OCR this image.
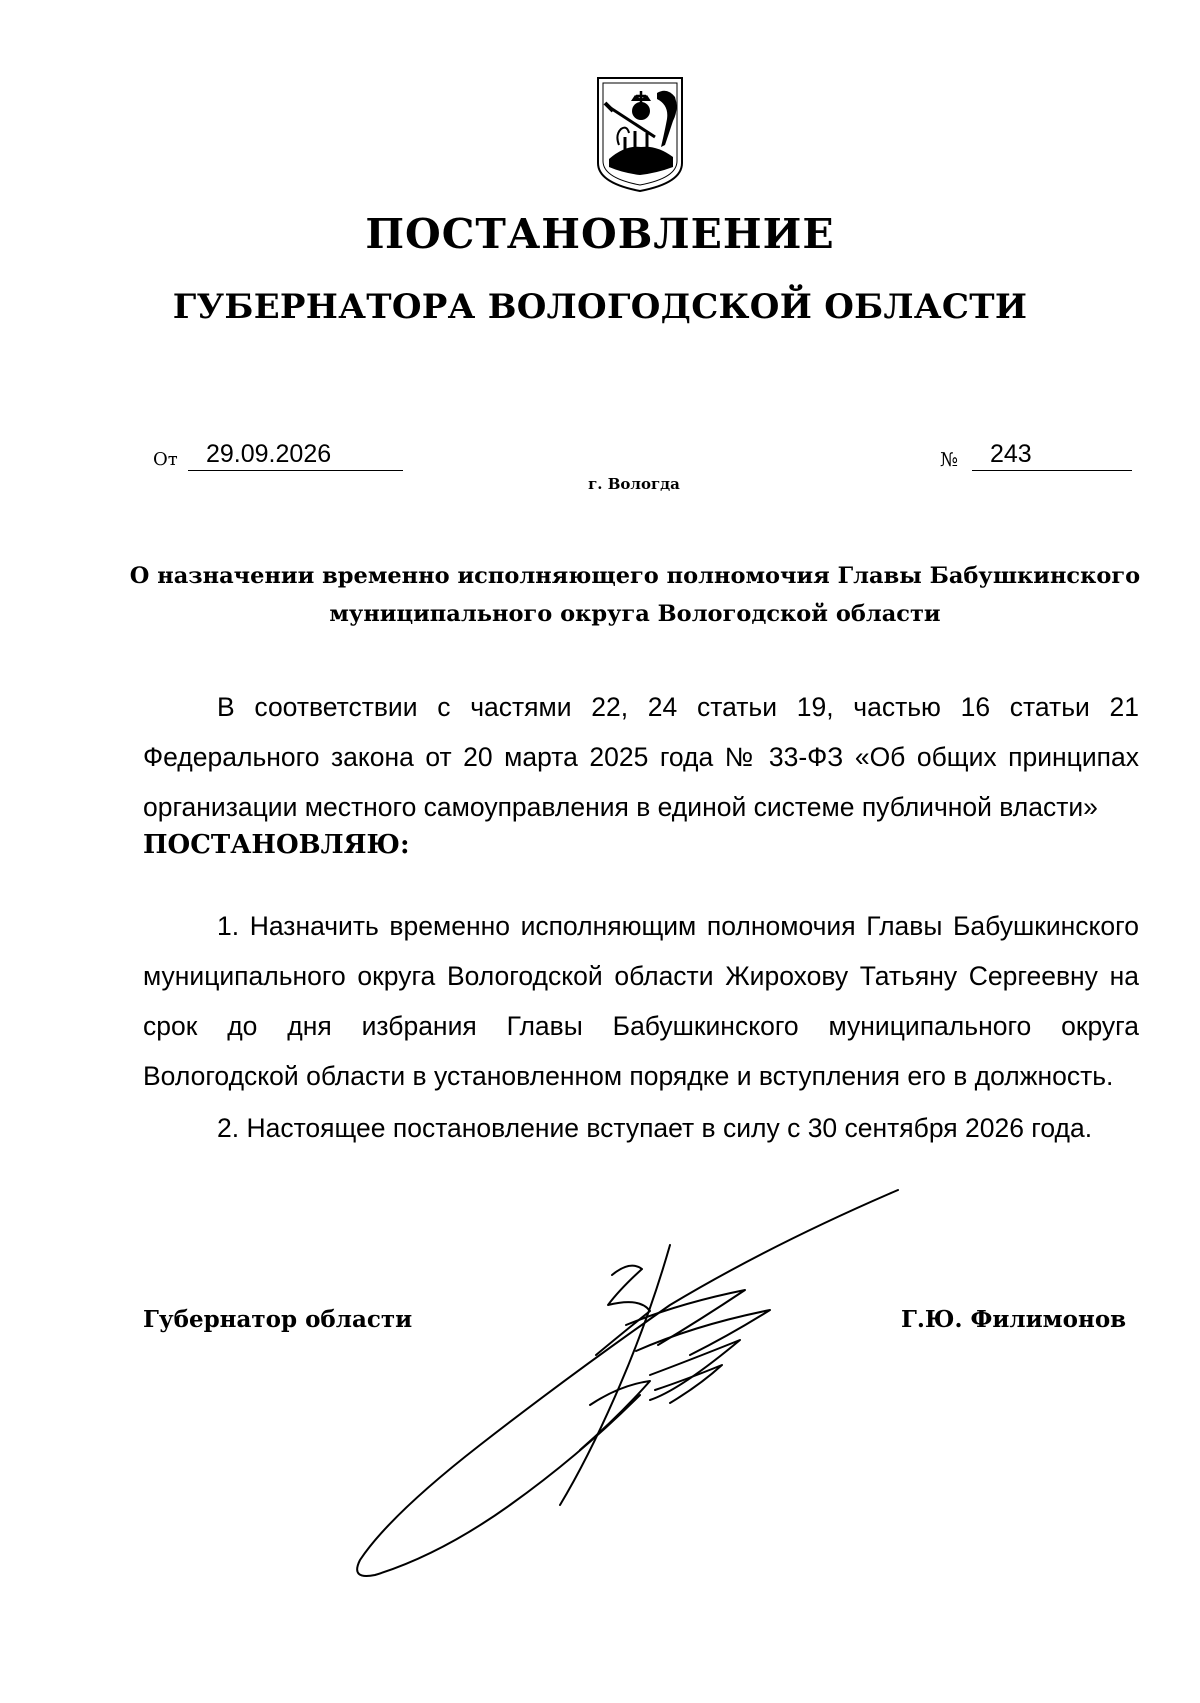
ПОСТАНОВЛЕНИЕ
ГУБЕРНАТОРА ВОЛОГОДСКОЙ ОБЛАСТИ
От	29.09.2026	№	243
г. Вологда
О назначении временно исполняющего полномочия Главы Бабушкинского муниципального округа Вологодской области
В соответствии с частями 22, 24 статьи 19, частью 16 статьи 21 Федерального закона от 20 марта 2025 года № 33-ФЗ «Об общих принципах организации местного самоуправления в единой системе публичной власти»
ПОСТАНОВЛЯЮ:
1. Назначить временно исполняющим полномочия Главы Бабушкинского муниципального округа Вологодской области Жирохову Татьяну Сергеевну на срок до дня избрания Главы Бабушкинского муниципального округа Вологодской области в установленном порядке и вступления его в должность.
2. Настоящее постановление вступает в силу с 30 сентября 2026 года.
Губернатор области	Г.Ю. Филимонов
